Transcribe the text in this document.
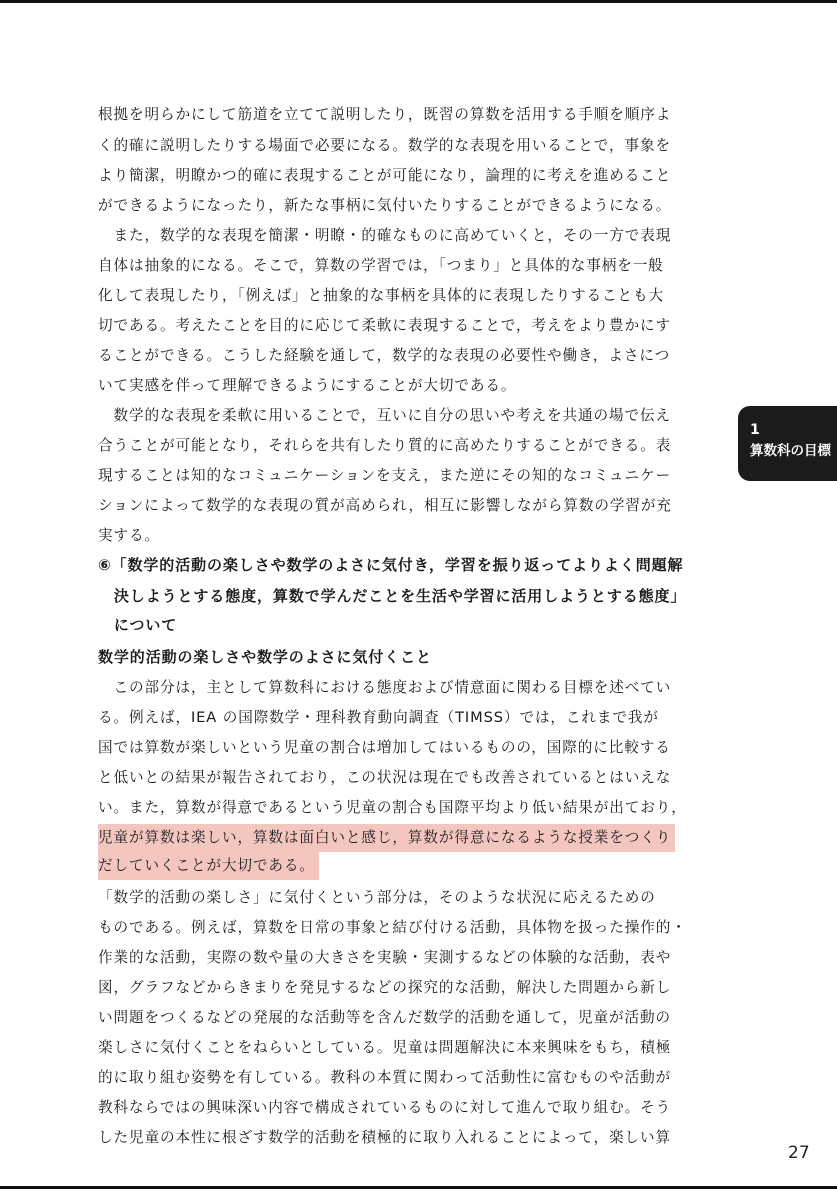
根拠を明らかにして筋道を立てて説明したり，既習の算数を活用する手順を順序よ
く的確に説明したりする場面で必要になる。数学的な表現を用いることで，事象を
より簡潔，明瞭かつ的確に表現することが可能になり，論理的に考えを進めること
ができるようになったり，新たな事柄に気付いたりすることができるようになる。
　また，数学的な表現を簡潔・明瞭・的確なものに高めていくと，その一方で表現
自体は抽象的になる。そこで，算数の学習では，「つまり」と具体的な事柄を一般
化して表現したり，「例えば」と抽象的な事柄を具体的に表現したりすることも大
切である。考えたことを目的に応じて柔軟に表現することで，考えをより豊かにす
ることができる。こうした経験を通して，数学的な表現の必要性や働き，よさにつ
いて実感を伴って理解できるようにすることが大切である。
　数学的な表現を柔軟に用いることで，互いに自分の思いや考えを共通の場で伝え
合うことが可能となり，それらを共有したり質的に高めたりすることができる。表
現することは知的なコミュニケーションを支え，また逆にその知的なコミュニケー
ションによって数学的な表現の質が高められ，相互に影響しながら算数の学習が充
実する。
⑥「数学的活動の楽しさや数学のよさに気付き，学習を振り返ってよりよく問題解
　決しようとする態度，算数で学んだことを生活や学習に活用しようとする態度」
　について
数学的活動の楽しさや数学のよさに気付くこと
　この部分は，主として算数科における態度および情意面に関わる目標を述べてい
る。例えば，IEA の国際数学・理科教育動向調査（TIMSS）では，これまで我が
国では算数が楽しいという児童の割合は増加してはいるものの，国際的に比較する
と低いとの結果が報告されており，この状況は現在でも改善されているとはいえな
い。また，算数が得意であるという児童の割合も国際平均より低い結果が出ており，
児童が算数は楽しい，算数は面白いと感じ，算数が得意になるような授業をつくり
だしていくことが大切である。
「数学的活動の楽しさ」に気付くという部分は，そのような状況に応えるための
ものである。例えば，算数を日常の事象と結び付ける活動，具体物を扱った操作的・
作業的な活動，実際の数や量の大きさを実験・実測するなどの体験的な活動，表や
図，グラフなどからきまりを発見するなどの探究的な活動，解決した問題から新し
い問題をつくるなどの発展的な活動等を含んだ数学的活動を通して，児童が活動の
楽しさに気付くことをねらいとしている。児童は問題解決に本来興味をもち，積極
的に取り組む姿勢を有している。教科の本質に関わって活動性に富むものや活動が
教科ならではの興味深い内容で構成されているものに対して進んで取り組む。そう
した児童の本性に根ざす数学的活動を積極的に取り入れることによって，楽しい算
1
算数科の目標
27
